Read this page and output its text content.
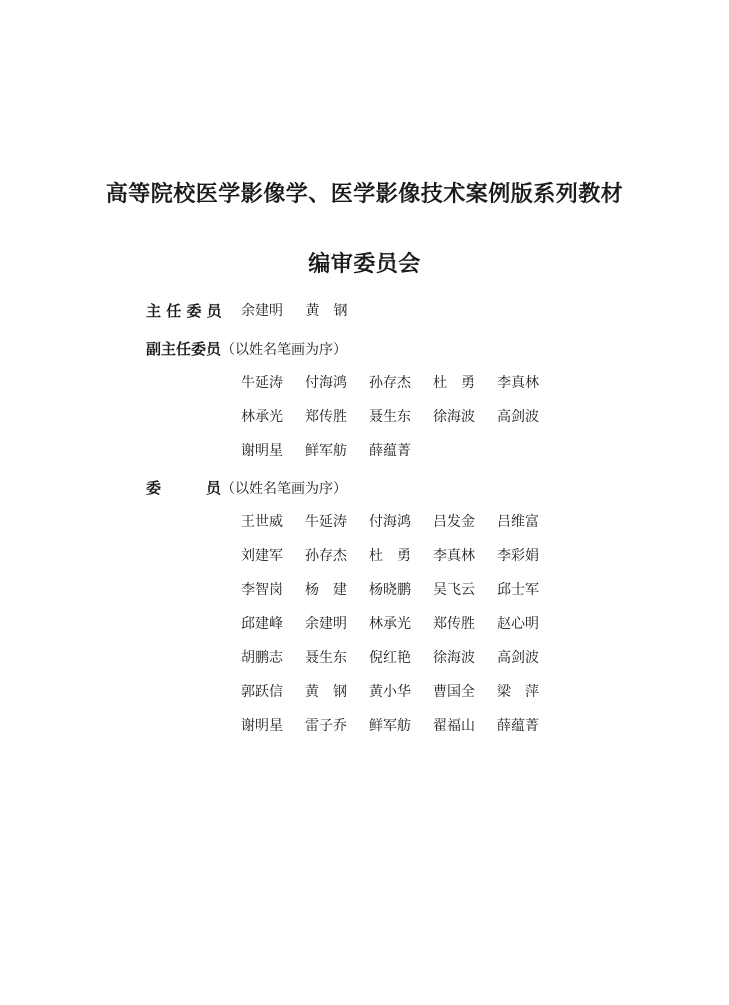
高等院校医学影像学、医学影像技术案例版系列教材
编审委员会
主 任 委 员 余建明 黄　钢
副主任委员（以姓名笔画为序）
牛延涛	付海鸿	孙存杰	杜　勇	李真林
林承光	郑传胜	聂生东	徐海波	高剑波
谢明星	鲜军舫	薛蕴菁
委　　　员（以姓名笔画为序）
王世威	牛延涛	付海鸿	吕发金	吕维富
刘建军	孙存杰	杜　勇	李真林	李彩娟
李智岗	杨　建	杨晓鹏	吴飞云	邱士军
邱建峰	余建明	林承光	郑传胜	赵心明
胡鹏志	聂生东	倪红艳	徐海波	高剑波
郭跃信	黄　钢	黄小华	曹国全	梁　萍
谢明星	雷子乔	鲜军舫	翟福山	薛蕴菁
